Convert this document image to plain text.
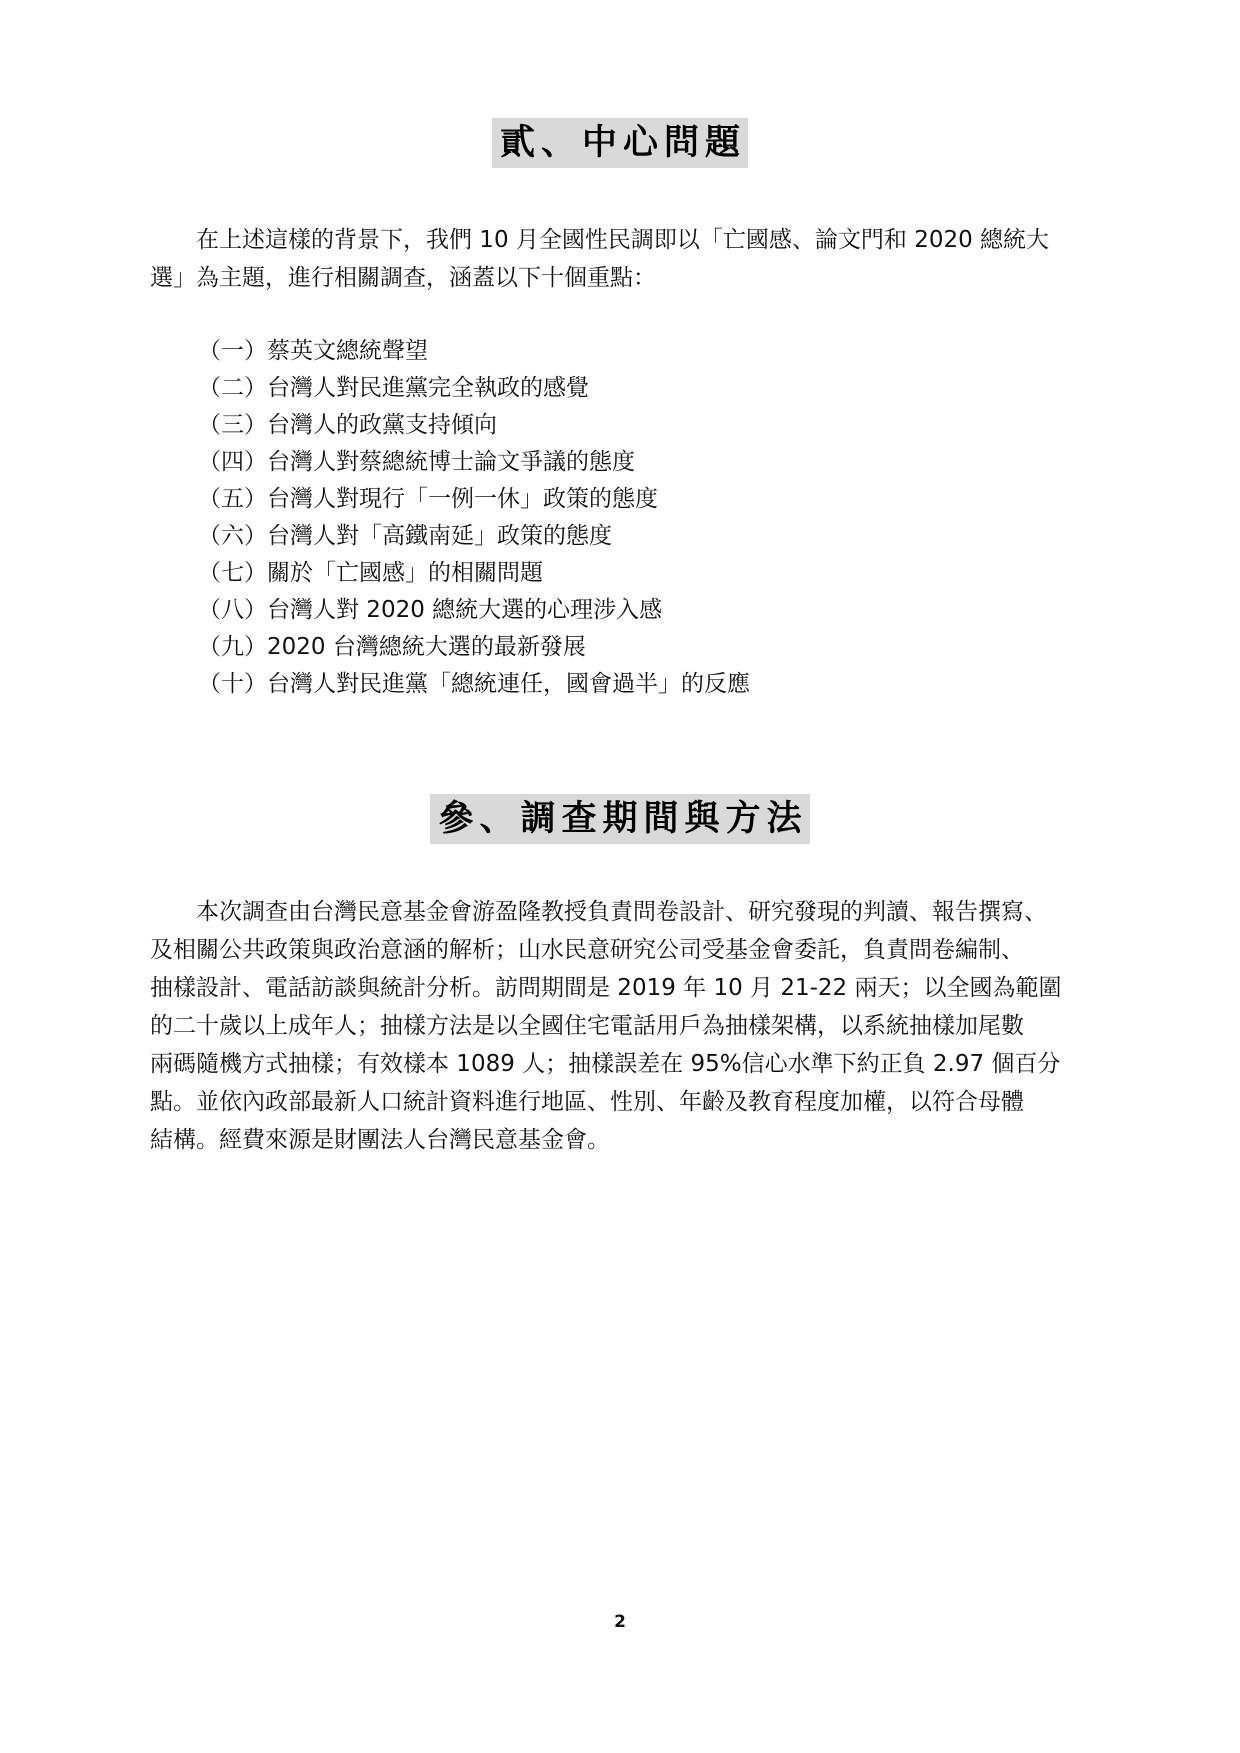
貳、中心問題

在上述這樣的背景下，我們 10 月全國性民調即以「亡國感、論文門和 2020 總統大
選」為主題，進行相關調查，涵蓋以下十個重點：

（一）蔡英文總統聲望
（二）台灣人對民進黨完全執政的感覺
（三）台灣人的政黨支持傾向
（四）台灣人對蔡總統博士論文爭議的態度
（五）台灣人對現行「一例一休」政策的態度
（六）台灣人對「高鐵南延」政策的態度
（七）關於「亡國感」的相關問題
（八）台灣人對 2020 總統大選的心理涉入感
（九）2020 台灣總統大選的最新發展
（十）台灣人對民進黨「總統連任，國會過半」的反應
參、調查期間與方法

本次調查由台灣民意基金會游盈隆教授負責問卷設計、研究發現的判讀、報告撰寫、
及相關公共政策與政治意涵的解析；山水民意研究公司受基金會委託，負責問卷編制、
抽樣設計、電話訪談與統計分析。訪問期間是 2019 年 10 月 21-22 兩天；以全國為範圍
的二十歲以上成年人；抽樣方法是以全國住宅電話用戶為抽樣架構，以系統抽樣加尾數
兩碼隨機方式抽樣；有效樣本 1089 人；抽樣誤差在 95%信心水準下約正負 2.97 個百分
點。並依內政部最新人口統計資料進行地區、性別、年齡及教育程度加權，以符合母體
結構。經費來源是財團法人台灣民意基金會。

2
